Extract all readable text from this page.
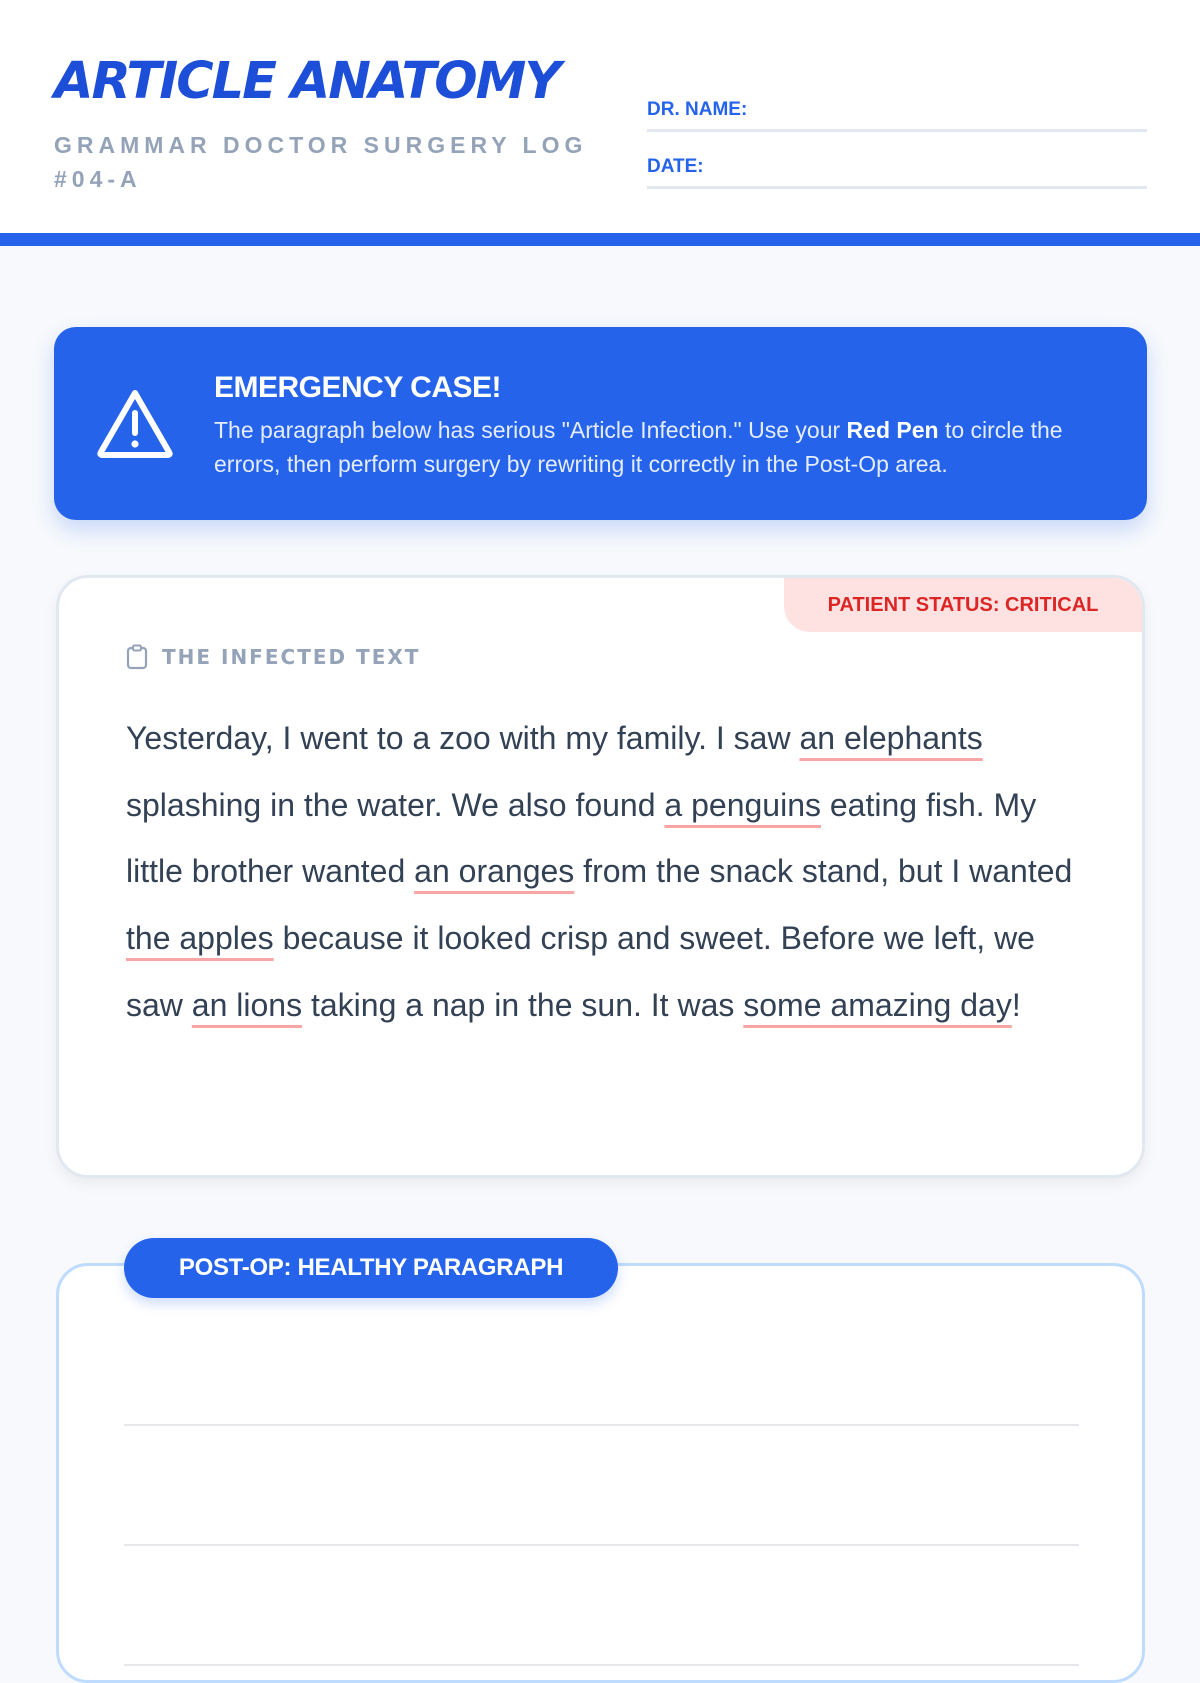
ARTICLE ANATOMY
GRAMMAR DOCTOR SURGERY LOG #04-A
DR. NAME:
DATE:
EMERGENCY CASE!
The paragraph below has serious "Article Infection." Use your Red Pen to circle the errors, then perform surgery by rewriting it correctly in the Post-Op area.
PATIENT STATUS: CRITICAL
THE INFECTED TEXT
Yesterday, I went to a zoo with my family. I saw an elephants splashing in the water. We also found a penguins eating fish. My little brother wanted an oranges from the snack stand, but I wanted the apples because it looked crisp and sweet. Before we left, we saw an lions taking a nap in the sun. It was some amazing day!
POST-OP: HEALTHY PARAGRAPH
